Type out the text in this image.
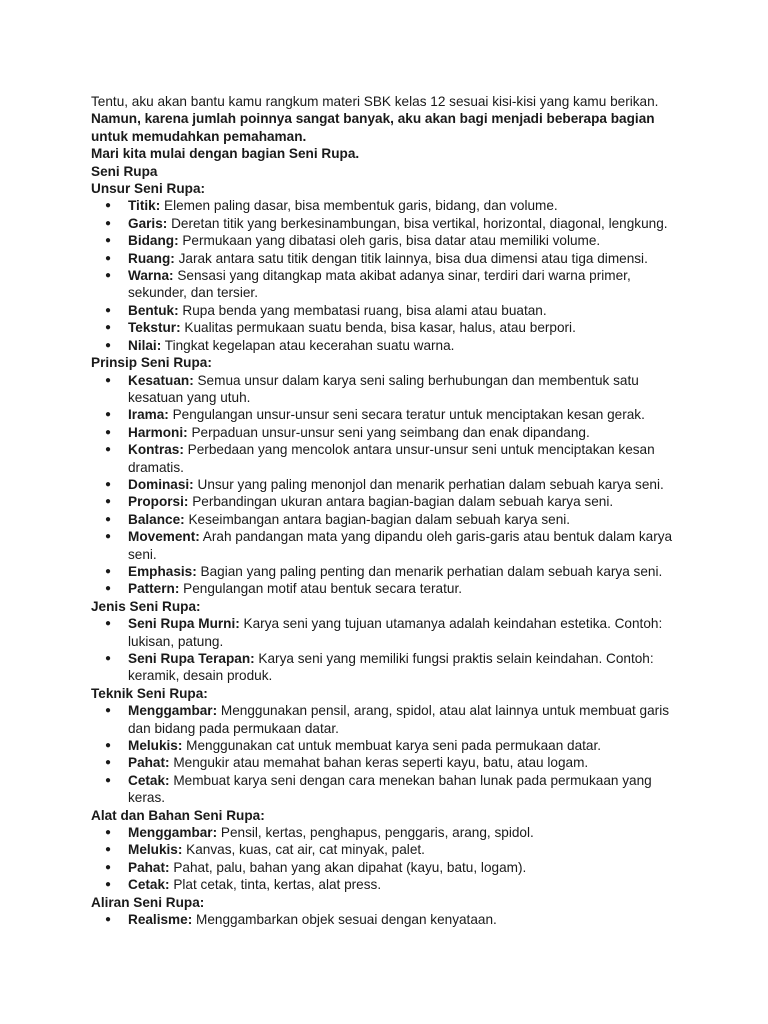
Tentu, aku akan bantu kamu rangkum materi SBK kelas 12 sesuai kisi-kisi yang kamu berikan.

Namun, karena jumlah poinnya sangat banyak, aku akan bagi menjadi beberapa bagian untuk memudahkan pemahaman.

Mari kita mulai dengan bagian Seni Rupa.

Seni Rupa

Unsur Seni Rupa:

● Titik: Elemen paling dasar, bisa membentuk garis, bidang, dan volume.
● Garis: Deretan titik yang berkesinambungan, bisa vertikal, horizontal, diagonal, lengkung.
● Bidang: Permukaan yang dibatasi oleh garis, bisa datar atau memiliki volume.
● Ruang: Jarak antara satu titik dengan titik lainnya, bisa dua dimensi atau tiga dimensi.
● Warna: Sensasi yang ditangkap mata akibat adanya sinar, terdiri dari warna primer, sekunder, dan tersier.
● Bentuk: Rupa benda yang membatasi ruang, bisa alami atau buatan.
● Tekstur: Kualitas permukaan suatu benda, bisa kasar, halus, atau berpori.
● Nilai: Tingkat kegelapan atau kecerahan suatu warna.

Prinsip Seni Rupa:

● Kesatuan: Semua unsur dalam karya seni saling berhubungan dan membentuk satu kesatuan yang utuh.
● Irama: Pengulangan unsur-unsur seni secara teratur untuk menciptakan kesan gerak.
● Harmoni: Perpaduan unsur-unsur seni yang seimbang dan enak dipandang.
● Kontras: Perbedaan yang mencolok antara unsur-unsur seni untuk menciptakan kesan dramatis.
● Dominasi: Unsur yang paling menonjol dan menarik perhatian dalam sebuah karya seni.
● Proporsi: Perbandingan ukuran antara bagian-bagian dalam sebuah karya seni.
● Balance: Keseimbangan antara bagian-bagian dalam sebuah karya seni.
● Movement: Arah pandangan mata yang dipandu oleh garis-garis atau bentuk dalam karya seni.
● Emphasis: Bagian yang paling penting dan menarik perhatian dalam sebuah karya seni.
● Pattern: Pengulangan motif atau bentuk secara teratur.

Jenis Seni Rupa:

● Seni Rupa Murni: Karya seni yang tujuan utamanya adalah keindahan estetika. Contoh: lukisan, patung.
● Seni Rupa Terapan: Karya seni yang memiliki fungsi praktis selain keindahan. Contoh: keramik, desain produk.

Teknik Seni Rupa:

● Menggambar: Menggunakan pensil, arang, spidol, atau alat lainnya untuk membuat garis dan bidang pada permukaan datar.
● Melukis: Menggunakan cat untuk membuat karya seni pada permukaan datar.
● Pahat: Mengukir atau memahat bahan keras seperti kayu, batu, atau logam.
● Cetak: Membuat karya seni dengan cara menekan bahan lunak pada permukaan yang keras.

Alat dan Bahan Seni Rupa:

● Menggambar: Pensil, kertas, penghapus, penggaris, arang, spidol.
● Melukis: Kanvas, kuas, cat air, cat minyak, palet.
● Pahat: Pahat, palu, bahan yang akan dipahat (kayu, batu, logam).
● Cetak: Plat cetak, tinta, kertas, alat press.

Aliran Seni Rupa:

● Realisme: Menggambarkan objek sesuai dengan kenyataan.
